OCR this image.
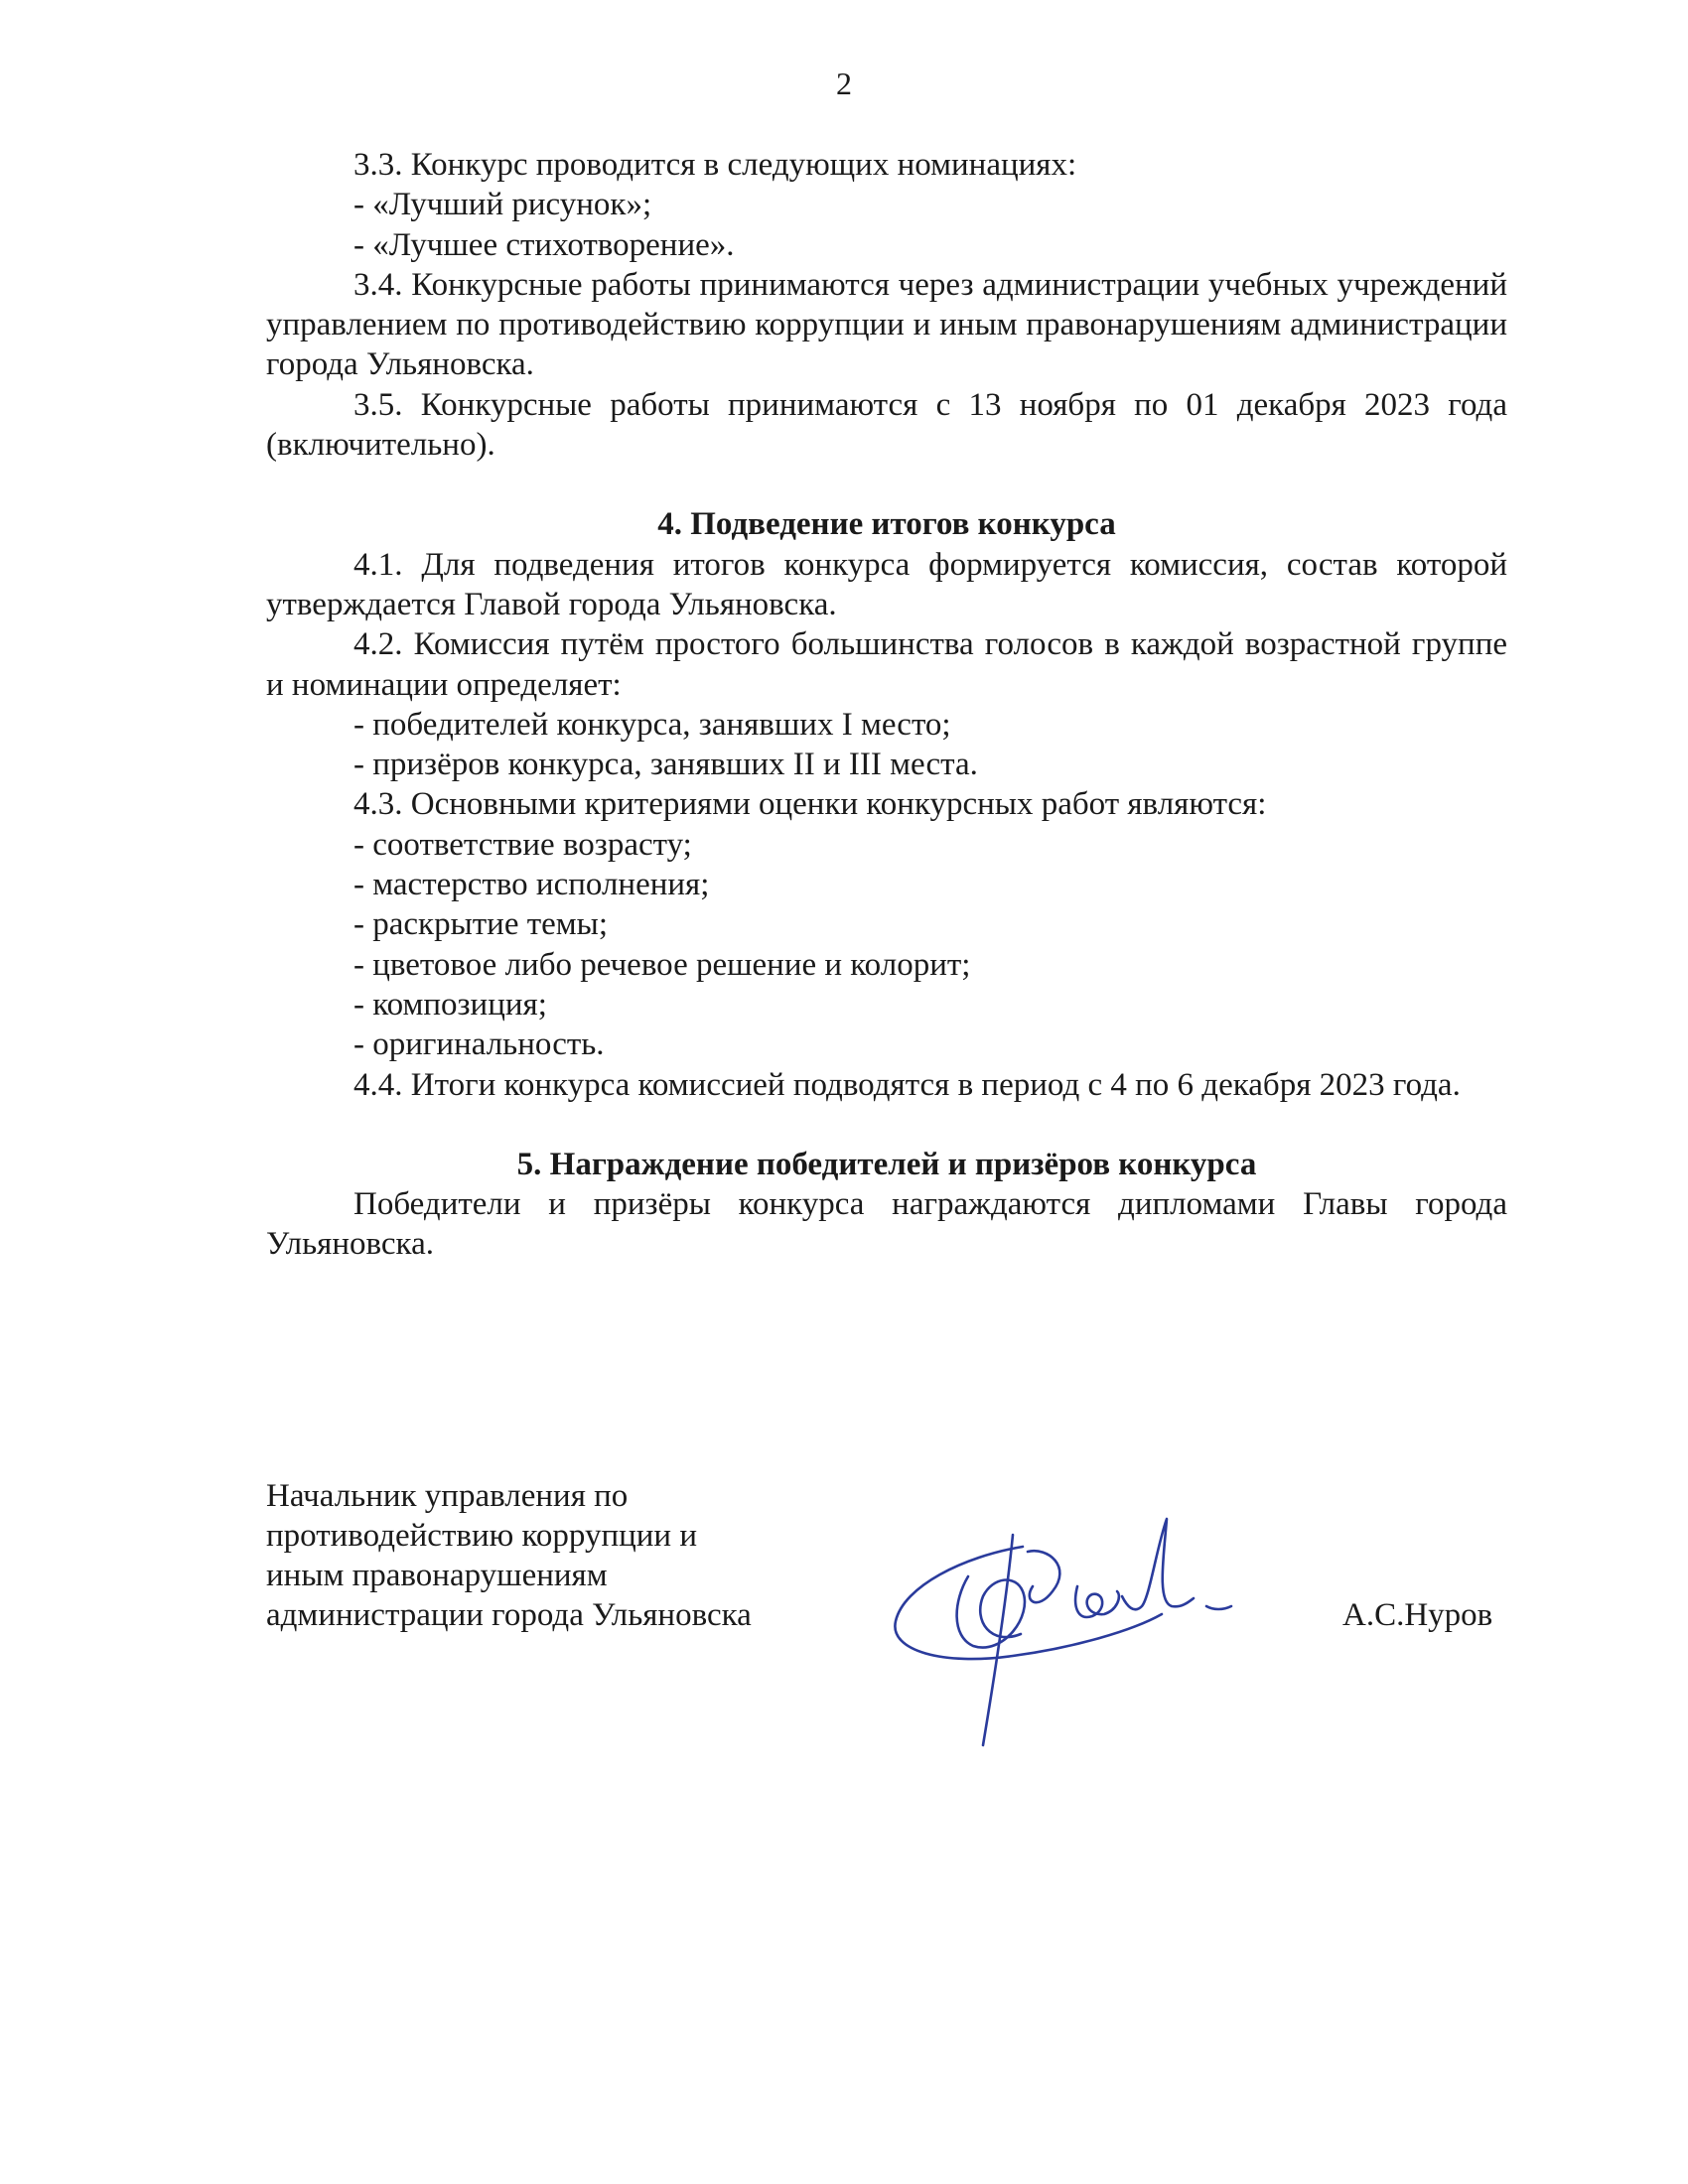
2

3.3. Конкурс проводится в следующих номинациях:

- «Лучший рисунок»;

- «Лучшее стихотворение».

3.4. Конкурсные работы принимаются через администрации учебных учреждений управлением по противодействию коррупции и иным правонарушениям администрации города Ульяновска.

3.5. Конкурсные работы принимаются с 13 ноября по 01 декабря 2023 года (включительно).

4. Подведение итогов конкурса

4.1. Для подведения итогов конкурса формируется комиссия, состав которой утверждается Главой города Ульяновска.

4.2. Комиссия путём простого большинства голосов в каждой возрастной группе и номинации определяет:

- победителей конкурса, занявших I место;

- призёров конкурса, занявших II и III места.

4.3. Основными критериями оценки конкурсных работ являются:

- соответствие возрасту;

- мастерство исполнения;

- раскрытие темы;

- цветовое либо речевое решение и колорит;

- композиция;

- оригинальность.

4.4. Итоги конкурса комиссией подводятся в период с 4 по 6 декабря 2023 года.

5. Награждение победителей и призёров конкурса

Победители и призёры конкурса награждаются дипломами Главы города Ульяновска.

Начальник управления по
противодействию коррупции и
иным правонарушениям
администрации города Ульяновска	А.С.Нуров
